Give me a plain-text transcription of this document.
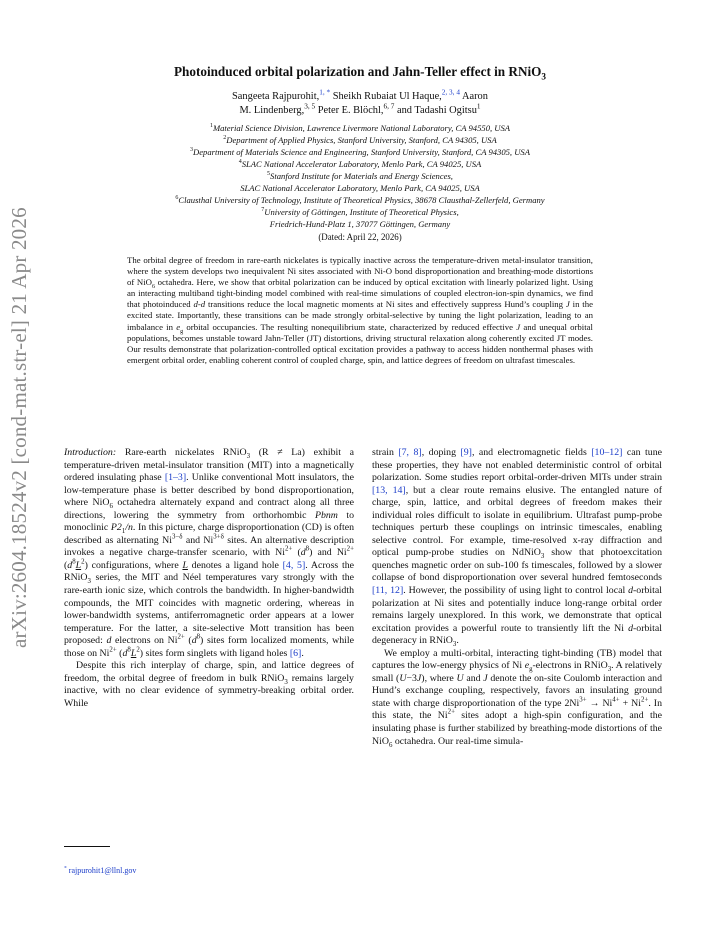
arXiv:2604.18524v2 [cond-mat.str-el] 21 Apr 2026
Photoinduced orbital polarization and Jahn-Teller effect in RNiO$_3$
Sangeeta Rajpurohit,$^{1, *}$ Sheikh Rubaiat Ul Haque,$^{2, 3, 4}$ Aaron
M. Lindenberg,$^{3, 5}$ Peter E. Blöchl,$^{6, 7}$ and Tadashi Ogitsu$^1$
$^1$Material Science Division, Lawrence Livermore National Laboratory, CA 94550, USA
$^2$Department of Applied Physics, Stanford University, Stanford, CA 94305, USA
$^3$Department of Materials Science and Engineering, Stanford University, Stanford, CA 94305, USA
$^4$SLAC National Accelerator Laboratory, Menlo Park, CA 94025, USA
$^5$Stanford Institute for Materials and Energy Sciences,
SLAC National Accelerator Laboratory, Menlo Park, CA 94025, USA
$^6$Clausthal University of Technology, Institute of Theoretical Physics, 38678 Clausthal-Zellerfeld, Germany
$^7$University of Göttingen, Institute of Theoretical Physics,
Friedrich-Hund-Platz 1, 37077 Göttingen, Germany
(Dated: April 22, 2026)
The orbital degree of freedom in rare-earth nickelates is typically inactive across the temperature-driven metal-insulator transition, where the system develops two inequivalent Ni sites associated with Ni-O bond disproportionation and breathing-mode distortions of NiO$_6$ octahedra. Here, we show that orbital polarization can be induced by optical excitation with linearly polarized light. Using an interacting multiband tight-binding model combined with real-time simulations of coupled electron-ion-spin dynamics, we find that photoinduced d-d transitions reduce the local magnetic moments at Ni sites and effectively suppress Hund’s coupling J in the excited state. Importantly, these transitions can be made strongly orbital-selective by tuning the light polarization, leading to an imbalance in $e_g$ orbital occupancies. The resulting nonequilibrium state, characterized by reduced effective J and unequal orbital populations, becomes unstable toward Jahn-Teller (JT) distortions, driving structural relaxation along coherently excited JT modes. Our results demonstrate that polarization-controlled optical excitation provides a pathway to access hidden nonthermal phases with emergent orbital order, enabling coherent control of coupled charge, spin, and lattice degrees of freedom on ultrafast timescales.

Introduction: Rare-earth nickelates RNiO$_3$ (R ≠ La) exhibit a temperature-driven metal-insulator transition (MIT) into a magnetically ordered insulating phase [1–3]. Unlike conventional Mott insulators, the low-temperature phase is better described by bond disproportionation, where NiO$_6$ octahedra alternately expand and contract along all three directions, lowering the symmetry from orthorhombic Pbnm to monoclinic $P2_1/n$. In this picture, charge disproportionation (CD) is often described as alternating $Ni^{3-\delta}$ and $Ni^{3+\delta}$ sites. An alternative description invokes a negative charge-transfer scenario, with $Ni^{2+}$ $(d^8)$ and $Ni^{2+}$ $(d^8L^2)$ configurations, where L denotes a ligand hole [4, 5]. Across the RNiO$_3$ series, the MIT and Néel temperatures vary strongly with the rare-earth ionic size, which controls the bandwidth. In higher-bandwidth compounds, the MIT coincides with magnetic ordering, whereas in lower-bandwidth systems, antiferromagnetic order appears at a lower temperature. For the latter, a site-selective Mott transition has been proposed: d electrons on $Ni^{2+}$ $(d^8)$ sites form localized moments, while those on $Ni^{2+}$ $(d^8L^2)$ sites form singlets with ligand holes [6].

Despite this rich interplay of charge, spin, and lattice degrees of freedom, the orbital degree of freedom in bulk RNiO$_3$ remains largely inactive, with no clear evidence of symmetry-breaking orbital order. While

strain [7, 8], doping [9], and electromagnetic fields [10–12] can tune these properties, they have not enabled deterministic control of orbital polarization. Some studies report orbital-order-driven MITs under strain [13, 14], but a clear route remains elusive. The entangled nature of charge, spin, lattice, and orbital degrees of freedom makes their individual roles difficult to isolate in equilibrium. Ultrafast pump-probe techniques perturb these couplings on intrinsic timescales, enabling selective control. For example, time-resolved x-ray diffraction and optical pump-probe studies on NdNiO$_3$ show that photoexcitation quenches magnetic order on sub-100 fs timescales, followed by a slower collapse of bond disproportionation over several hundred femtoseconds [11, 12]. However, the possibility of using light to control local d-orbital polarization at Ni sites and potentially induce long-range orbital order remains largely unexplored. In this work, we demonstrate that optical excitation provides a powerful route to transiently lift the Ni d-orbital degeneracy in RNiO$_3$.

We employ a multi-orbital, interacting tight-binding (TB) model that captures the low-energy physics of Ni $e_g$-electrons in RNiO$_3$. A relatively small (U−3J), where U and J denote the on-site Coulomb interaction and Hund’s exchange coupling, respectively, favors an insulating ground state with charge disproportionation of the type $2Ni^{3+} \to Ni^{4+} + Ni^{2+}$. In this state, the $Ni^{2+}$ sites adopt a high-spin configuration, and the insulating phase is further stabilized by breathing-mode distortions of the NiO$_6$ octahedra. Our real-time simula-

* rajpurohit1@llnl.gov
